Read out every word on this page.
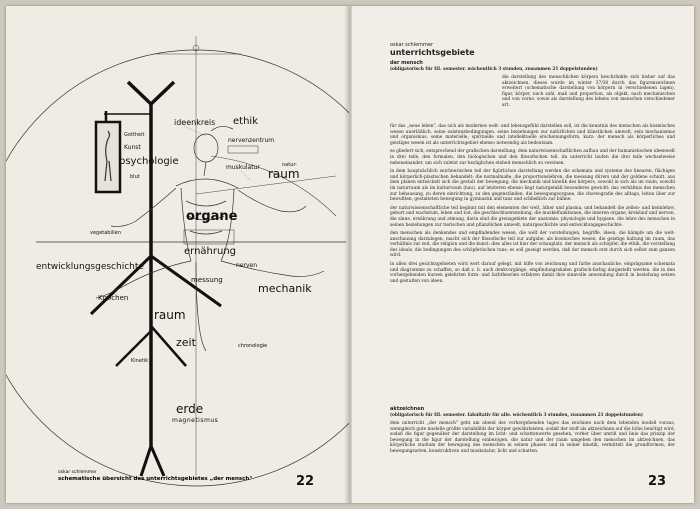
ideenkreis ethik
Gottheit
nervenzentrum
Kunst
psychologie	natur-
muskulatur raum
blut
organe
vegetabilien
ernährung
entwicklungsgeschichte	nerven
messung
mechanik
Knochen
raum
zeit	chronologie
Kinetik
erde
magnetismus
oskar schlemmer
schematische übersicht des unterrichtsgebietes „der mensch"	22
oskar schlemmer
unterrichtsgebiete
der mensch
(obligatorisch für III. semester. wöchentlich 3 stunden, zusammen 21 doppelstunden)

die darstellung des menschlichen körpers beschränkte sich bisher auf das aktzeichnen. dieses wurde im winter 37/38 durch das figurenzeichnen erweitert (schematische darstellung von körpern in verschiedenen lagen), figur, körper, nach zahl, maß und proportion, als objekt, nach mechanischen und von vorne, sowie als darstellung des lebens von menschen verschiedener art.

für das „neue leben", das sich als modernes welt- und lebensgefühl darstellen soll, ist die kenntnis des menschen als kosmisches wesen unerläßlich. seine existenzbedingungen, seine beziehungen zur natürlichen und künstlichen umwelt, sein mechanismus und organismus, seine materielle, spirituelle und intellektuelle erscheinungsform, kurz: der mensch als körperliches und geistiges wesen ist als unterrichtsgebiet ebenso notwendig als bedeutsam.

es gliedert sich, entsprechend der grafischen darstellung, dem naturwissenschaftlichen aufbau und der humanistischen ideenwelt in drei teile, den formalen, den biologischen und den filosofischen teil. im unterricht laufen die drei teile wechselweise nebeneinander, um sich zuletzt zur bezüglichen einheit menschlich zu vereinen.

in dem hauptsächlich zeichnerischen teil der figürlichen darstellung werden die schemata und systeme des linearen, flächigen und körperlich-plastischen behandelt: die normalmaße, die proportionslehren, die messung dürers und der goldene schnitt. aus dem planen entwickelt sich die gestalt der bewegung, die mechanik und kinetik des körpers, sowohl in sich als im raum, sowohl im naturraum als im kulturraum (bau). auf letzteren ebenso liegt naturgemäß besonderes gewicht: das verhältnis des menschen zur behausung, zu deren einrichtung, zu den gegenständen. die bewegungsorgane, die choreografie des alltags, leiten über zur bewußten, gestalteten bewegung in gymnastik und tanz und schließlich zur bühne.

der naturwissenschaftliche teil beginnt mit den elementen der welt, äther und plasma, und behandelt die zellen- und keimlehre, geburt und wachstum, leben und tod, die geschlechtsentstehung. die muskelfunktionen, die inneren organe, kreislauf und nerven, die sinne, ernährung und atmung, darin sind die grenzgebiete der anatomie, physiologie und hygiene. die lehre des menschen in seinen beziehungen zur tierischen und pflanzlichen umwelt, naturgeschichte und entwicklungsgeschichte.

den menschen als denkendes und empfindendes wesen, die welt der vorstellungen, begriffe, ideen, die kämpfe um die welt-anschauung darzulegen, macht sich der filosofische teil zur aufgabe. als kosmisches wesen, die geistige haltung im raum, das verhältnis zur zeit, die religion und die kunst: dies alles ist hier der schauplatz. der mensch als schöpfer, die ethik, die vorstellung des ideals, die bedingungen des schöpferischen tuns: es soll gezeigt werden, daß der mensch erst durch sich selbst zum ganzen wird.

in allen drei gesichtsgebieten wird wert darauf gelegt, mit hilfe von zeichnung und farbe anschauliche, einprägsame schemata und diagramme zu schaffen, so daß z. b. auch denkvorgänge, empfindungsskalen grafisch-farbig dargestellt werden. die in den vorhergehenden kursen gelehrten form- und farbtheorien erfahren damit ihre sinnvolle anwendung durch in beziehung setzen und gestalten von ideen.

aktzeichnen
(obligatorisch für III. semester. fakultativ für alle. wöchentlich 3 stunden, zusammen 21 doppelstunden)

dem unterricht „der mensch" geht am abend des vorhergehenden tages das zeichnen nach dem lebenden modell voraus, wenngleich gute modelle größte variabilität der körper gewährleisten, sodaß der stoff als aktzeichnen auf die höhe benötigt wird, sodaß die figur gegenüber der darstellung im licht- und schattenwerte gesehen, vorher über umriß und linie das prinzip der bewegung in die figur der darstellung einbezogen. die natur und der raum umgeben den menschen im aktzeichnen, das körperliche studium der bewegung des menschen in seinen phasen und in seiner kinetik, vermittelt die grundformen, der bewegungsarten, konstruktiven und muskulatur, licht und schatten.

23
